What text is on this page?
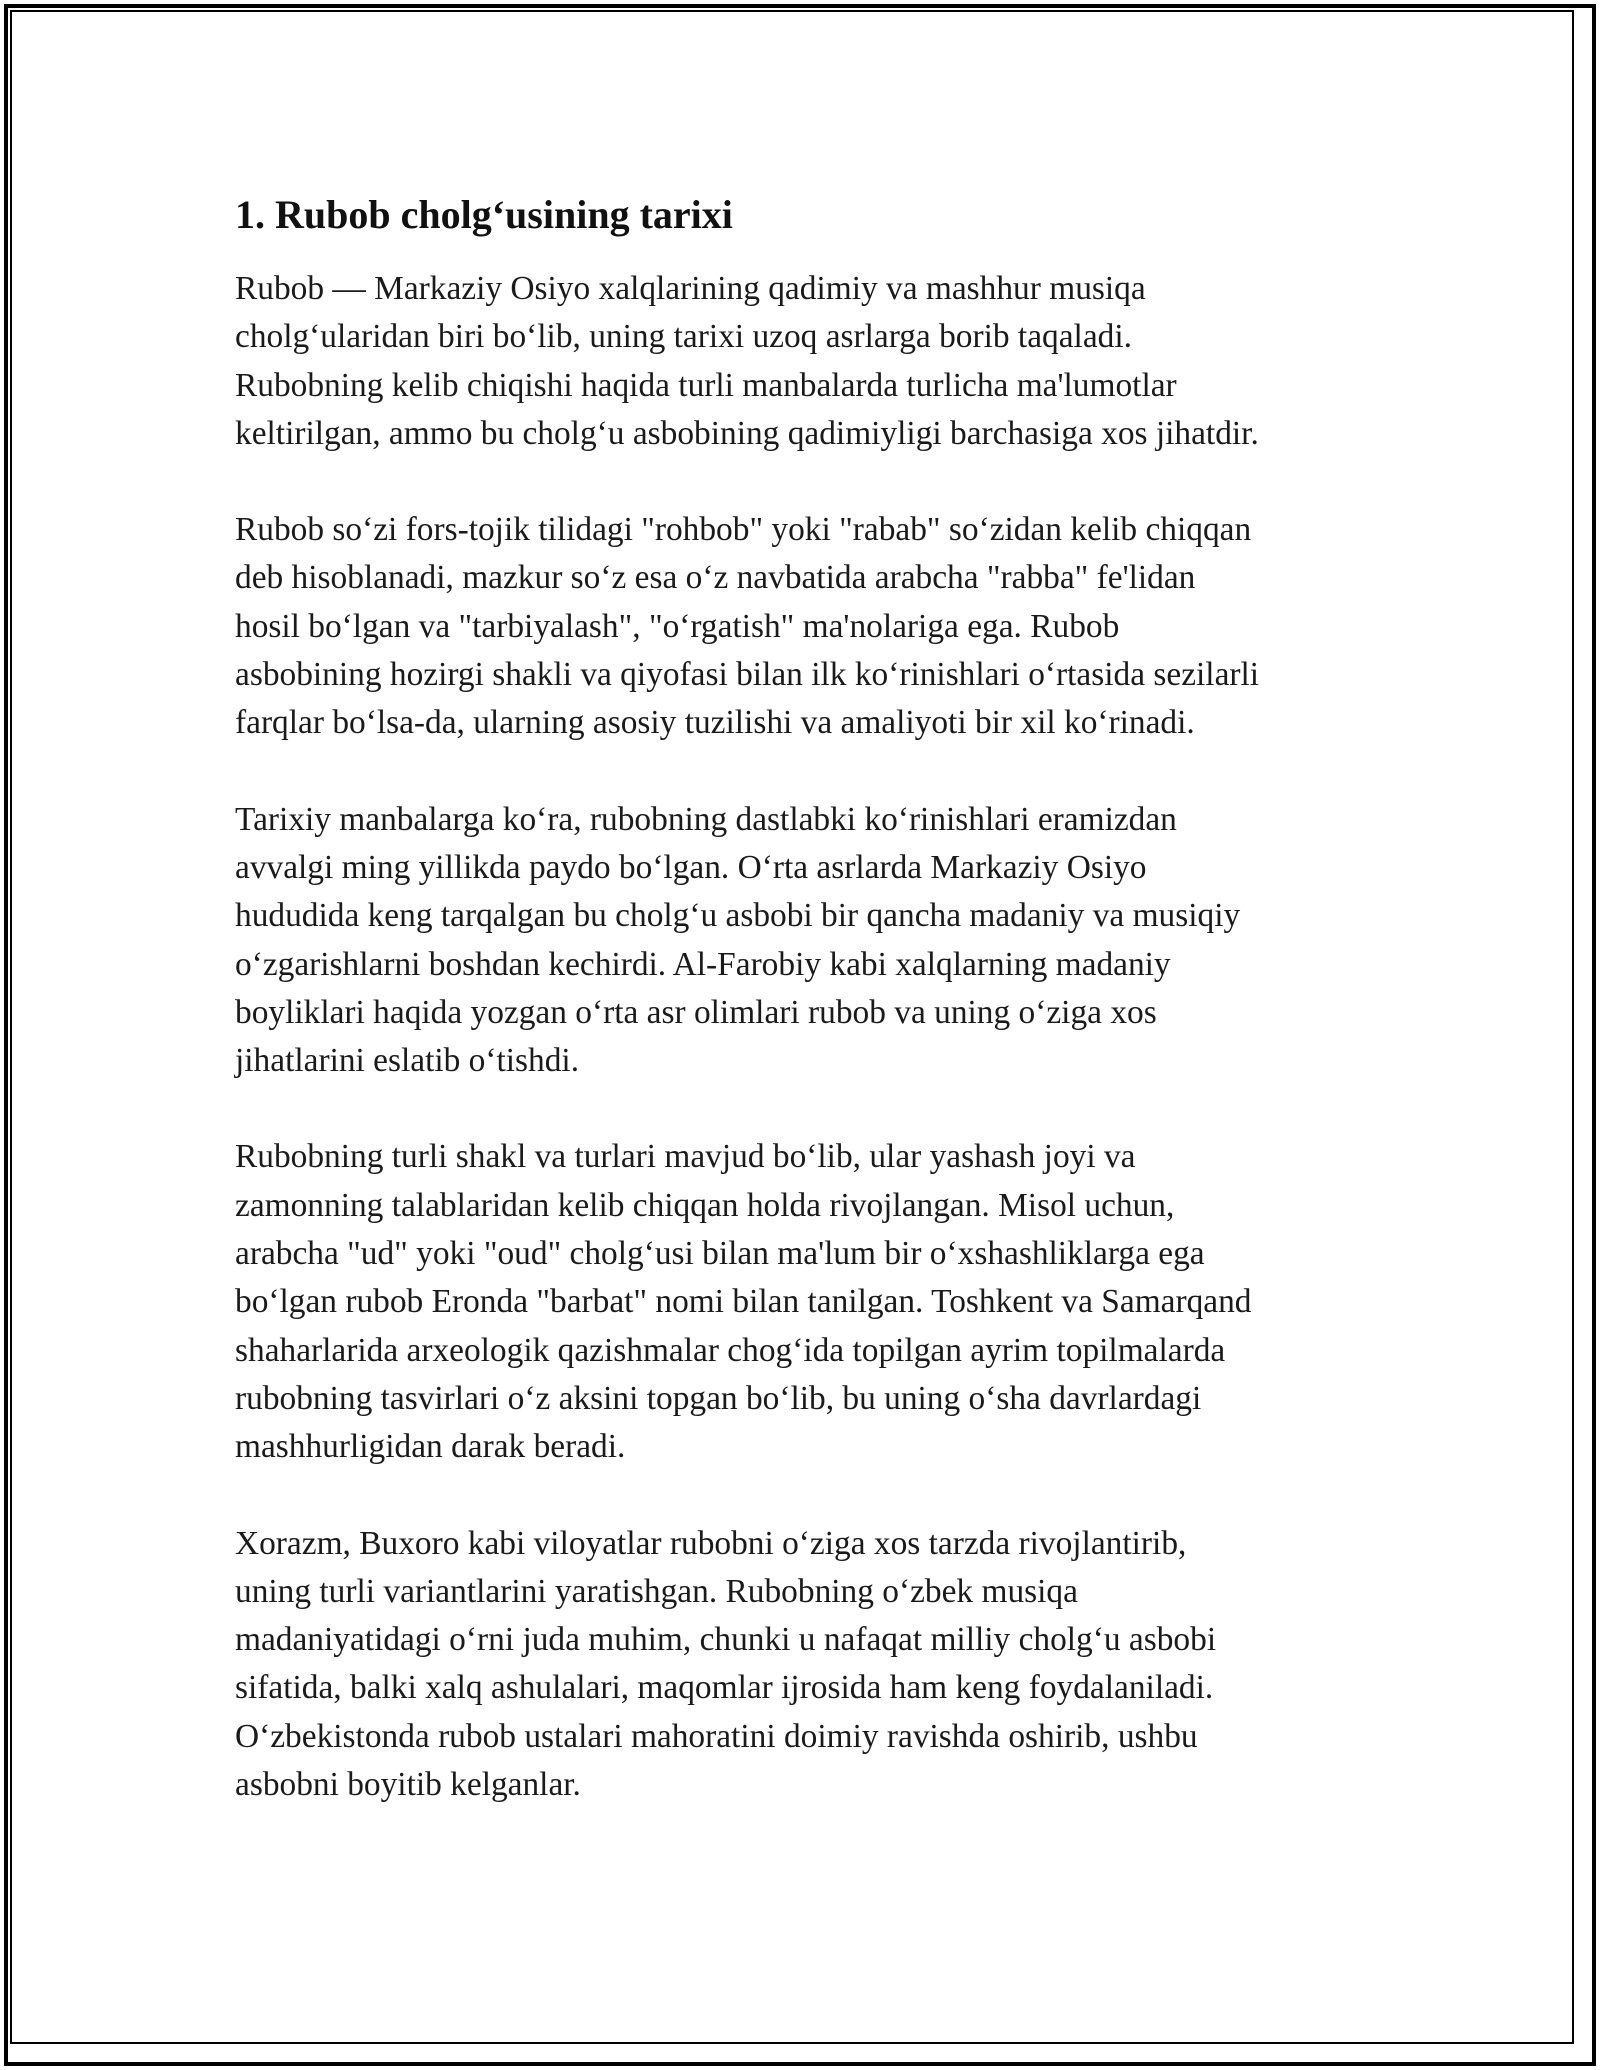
1. Rubob cholg‘usining tarixi

Rubob — Markaziy Osiyo xalqlarining qadimiy va mashhur musiqa
cholg‘ularidan biri bo‘lib, uning tarixi uzoq asrlarga borib taqaladi.
Rubobning kelib chiqishi haqida turli manbalarda turlicha ma'lumotlar
keltirilgan, ammo bu cholg‘u asbobining qadimiyligi barchasiga xos jihatdir.

Rubob so‘zi fors-tojik tilidagi "rohbob" yoki "rabab" so‘zidan kelib chiqqan
deb hisoblanadi, mazkur so‘z esa o‘z navbatida arabcha "rabba" fe'lidan
hosil bo‘lgan va "tarbiyalash", "o‘rgatish" ma'nolariga ega. Rubob
asbobining hozirgi shakli va qiyofasi bilan ilk ko‘rinishlari o‘rtasida sezilarli
farqlar bo‘lsa-da, ularning asosiy tuzilishi va amaliyoti bir xil ko‘rinadi.

Tarixiy manbalarga ko‘ra, rubobning dastlabki ko‘rinishlari eramizdan
avvalgi ming yillikda paydo bo‘lgan. O‘rta asrlarda Markaziy Osiyo
hududida keng tarqalgan bu cholg‘u asbobi bir qancha madaniy va musiqiy
o‘zgarishlarni boshdan kechirdi. Al-Farobiy kabi xalqlarning madaniy
boyliklari haqida yozgan o‘rta asr olimlari rubob va uning o‘ziga xos
jihatlarini eslatib o‘tishdi.

Rubobning turli shakl va turlari mavjud bo‘lib, ular yashash joyi va
zamonning talablaridan kelib chiqqan holda rivojlangan. Misol uchun,
arabcha "ud" yoki "oud" cholg‘usi bilan ma'lum bir o‘xshashliklarga ega
bo‘lgan rubob Eronda "barbat" nomi bilan tanilgan. Toshkent va Samarqand
shaharlarida arxeologik qazishmalar chog‘ida topilgan ayrim topilmalarda
rubobning tasvirlari o‘z aksini topgan bo‘lib, bu uning o‘sha davrlardagi
mashhurligidan darak beradi.

Xorazm, Buxoro kabi viloyatlar rubobni o‘ziga xos tarzda rivojlantirib,
uning turli variantlarini yaratishgan. Rubobning o‘zbek musiqa
madaniyatidagi o‘rni juda muhim, chunki u nafaqat milliy cholg‘u asbobi
sifatida, balki xalq ashulalari, maqomlar ijrosida ham keng foydalaniladi.
O‘zbekistonda rubob ustalari mahoratini doimiy ravishda oshirib, ushbu
asbobni boyitib kelganlar.
